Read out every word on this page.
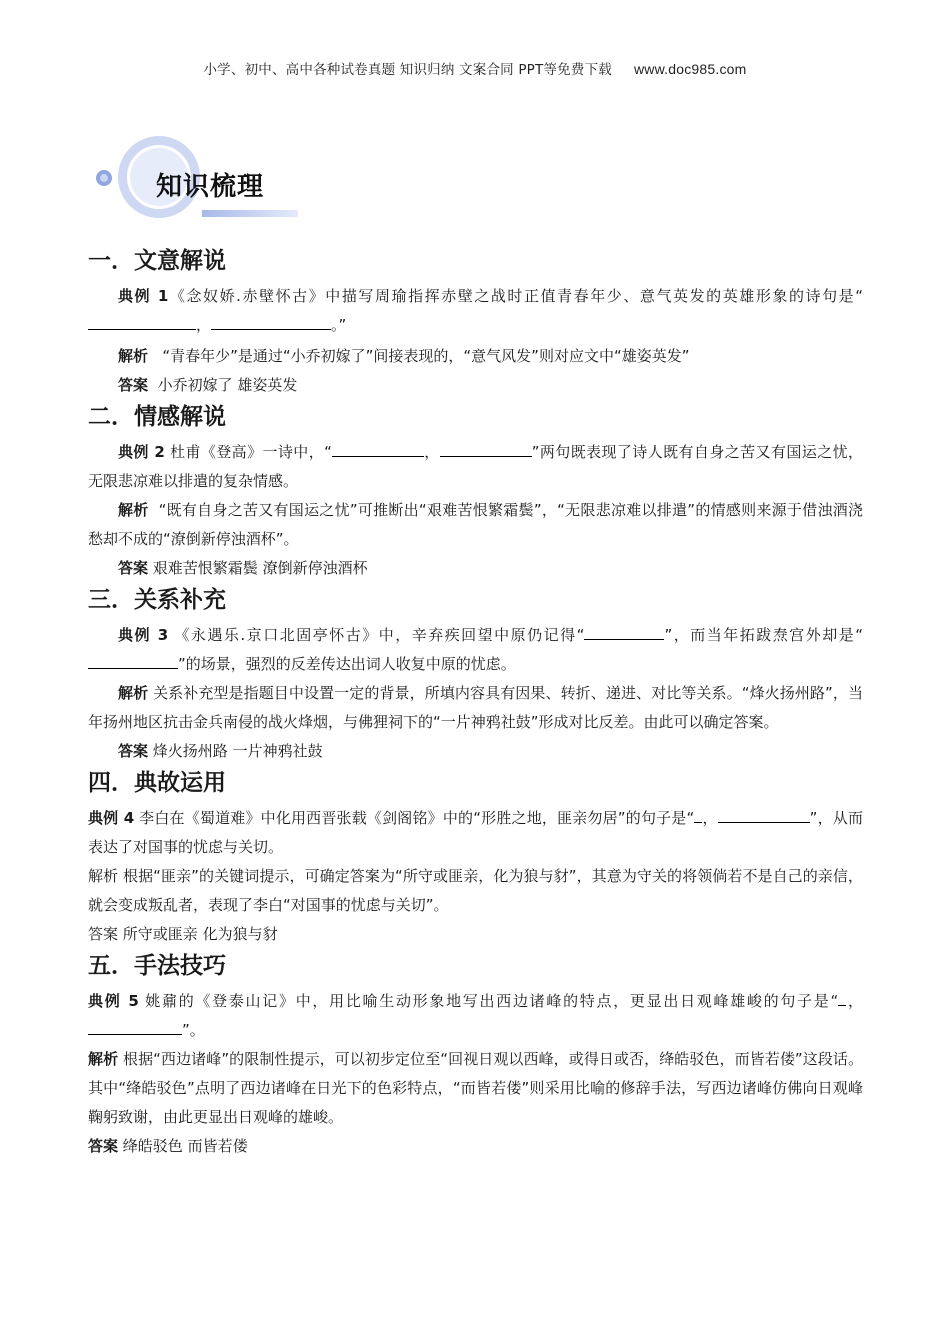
小学、初中、高中各种试卷真题 知识归纳 文案合同 PPT等免费下载 www.doc985.com
知识梳理
一．文意解说

典例 1《念奴娇.赤壁怀古》中描写周瑜指挥赤壁之战时正值青春年少、意气英发的英雄形象的诗句是“，	。”

解析 “青春年少”是通过“小乔初嫁了”间接表现的，“意气风发”则对应文中“雄姿英发”

答案 小乔初嫁了 雄姿英发

二．情感解说

典例 2 杜甫《登高》一诗中，“	，	”两句既表现了诗人既有自身之苦又有国运之忧，无限悲凉难以排遣的复杂情感。

解析 “既有自身之苦又有国运之忧”可推断出“艰难苦恨繁霜鬓”，“无限悲凉难以排遣”的情感则来源于借浊酒浇愁却不成的“潦倒新停浊酒杯”。

答案 艰难苦恨繁霜鬓 潦倒新停浊酒杯

三．关系补充

典例 3 《永遇乐.京口北固亭怀古》中，辛弃疾回望中原仍记得“	”，而当年拓跋焘宫外却是“”的场景，强烈的反差传达出词人收复中原的忧虑。

解析 关系补充型是指题目中设置一定的背景，所填内容具有因果、转折、递进、对比等关系。“烽火扬州路”，当年扬州地区抗击金兵南侵的战火烽烟，与佛狸祠下的“一片神鸦社鼓”形成对比反差。由此可以确定答案。

答案 烽火扬州路 一片神鸦社鼓

四．典故运用

典例 4 李白在《蜀道难》中化用西晋张载《剑阁铭》中的“形胜之地，匪亲勿居”的句子是“ ，	”，从而表达了对国事的忧虑与关切。

解析 根据“匪亲”的关键词提示，可确定答案为“所守或匪亲，化为狼与豺”，其意为守关的将领倘若不是自己的亲信，就会变成叛乱者，表现了李白“对国事的忧虑与关切”。

答案 所守或匪亲 化为狼与豺

五．手法技巧

典例 5 姚鼐的《登泰山记》中，用比喻生动形象地写出西边诸峰的特点，更显出日观峰雄峻的句子是“ ，”。

解析 根据“西边诸峰”的限制性提示，可以初步定位至“回视日观以西峰，或得日或否，绛皓驳色，而皆若偻”这段话。其中“绛皓驳色”点明了西边诸峰在日光下的色彩特点，“而皆若偻”则采用比喻的修辞手法，写西边诸峰仿佛向日观峰鞠躬致谢，由此更显出日观峰的雄峻。

答案 绛皓驳色 而皆若偻
